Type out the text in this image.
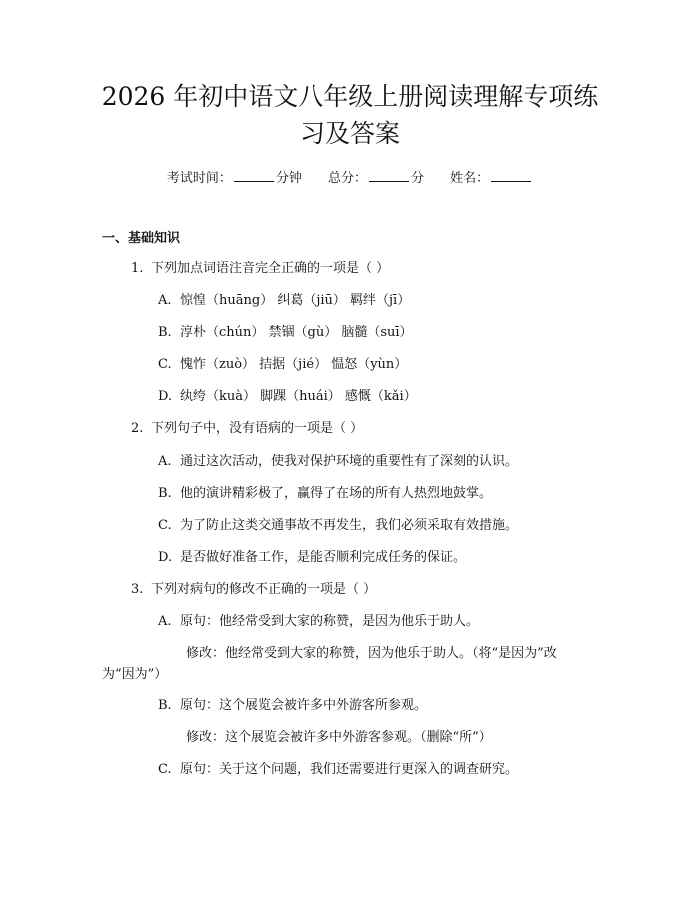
2026 年初中语文八年级上册阅读理解专项练
习及答案
考试时间：	分钟 总分：	分 姓名：
一、基础知识
1. 下列加点词语注音完全正确的一项是（ ）
A. 惊惶（huāng） 纠葛（jiū） 羁绊（jī）
B. 淳朴（chún） 禁锢（gù） 脑髓（suī）
C. 愧怍（zuò） 拮据（jié） 愠怒（yùn）
D. 纨绔（kuà） 脚踝（huái） 感慨（kǎi）
2. 下列句子中，没有语病的一项是（ ）
A. 通过这次活动，使我对保护环境的重要性有了深刻的认识。
B. 他的演讲精彩极了，赢得了在场的所有人热烈地鼓掌。
C. 为了防止这类交通事故不再发生，我们必须采取有效措施。
D. 是否做好准备工作，是能否顺利完成任务的保证。
3. 下列对病句的修改不正确的一项是（ ）
A. 原句：他经常受到大家的称赞，是因为他乐于助人。
修改：他经常受到大家的称赞，因为他乐于助人。（将“是因为”改
为“因为”）
B. 原句：这个展览会被许多中外游客所参观。
修改：这个展览会被许多中外游客参观。（删除“所”）
C. 原句：关于这个问题，我们还需要进行更深入的调查研究。
